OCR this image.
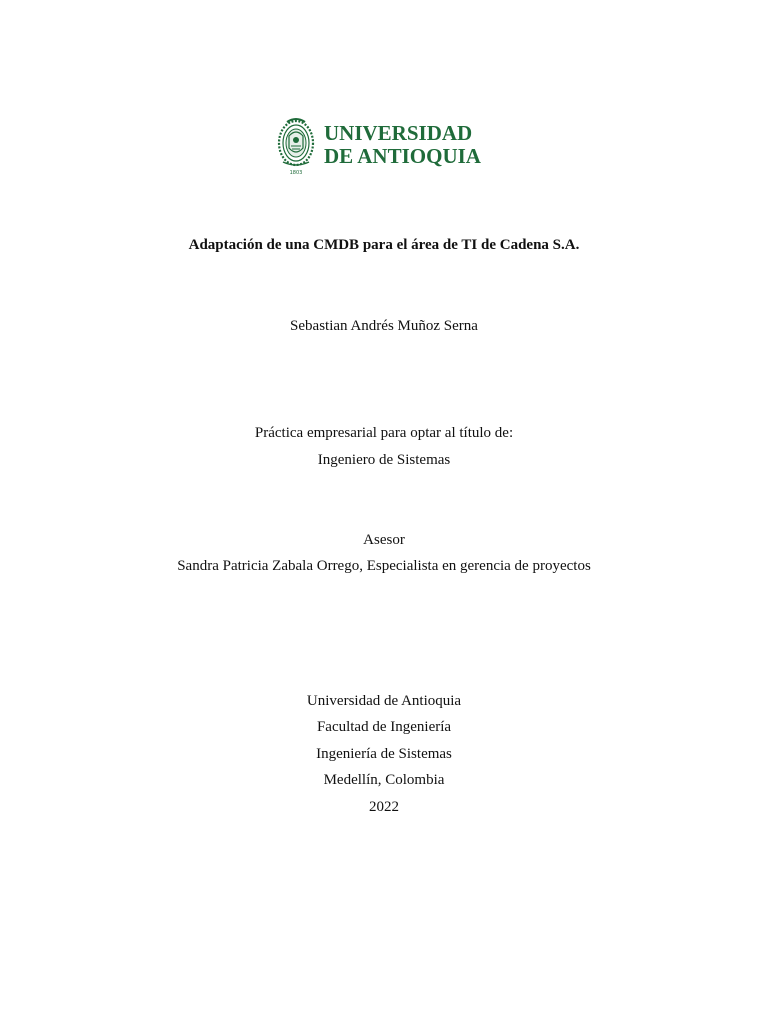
1803
UNIVERSIDAD
DE ANTIOQUIA
Adaptación de una CMDB para el área de TI de Cadena S.A.
Sebastian Andrés Muñoz Serna
Práctica empresarial para optar al título de:
Ingeniero de Sistemas
Asesor
Sandra Patricia Zabala Orrego, Especialista en gerencia de proyectos
Universidad de Antioquia
Facultad de Ingeniería
Ingeniería de Sistemas
Medellín, Colombia
2022
